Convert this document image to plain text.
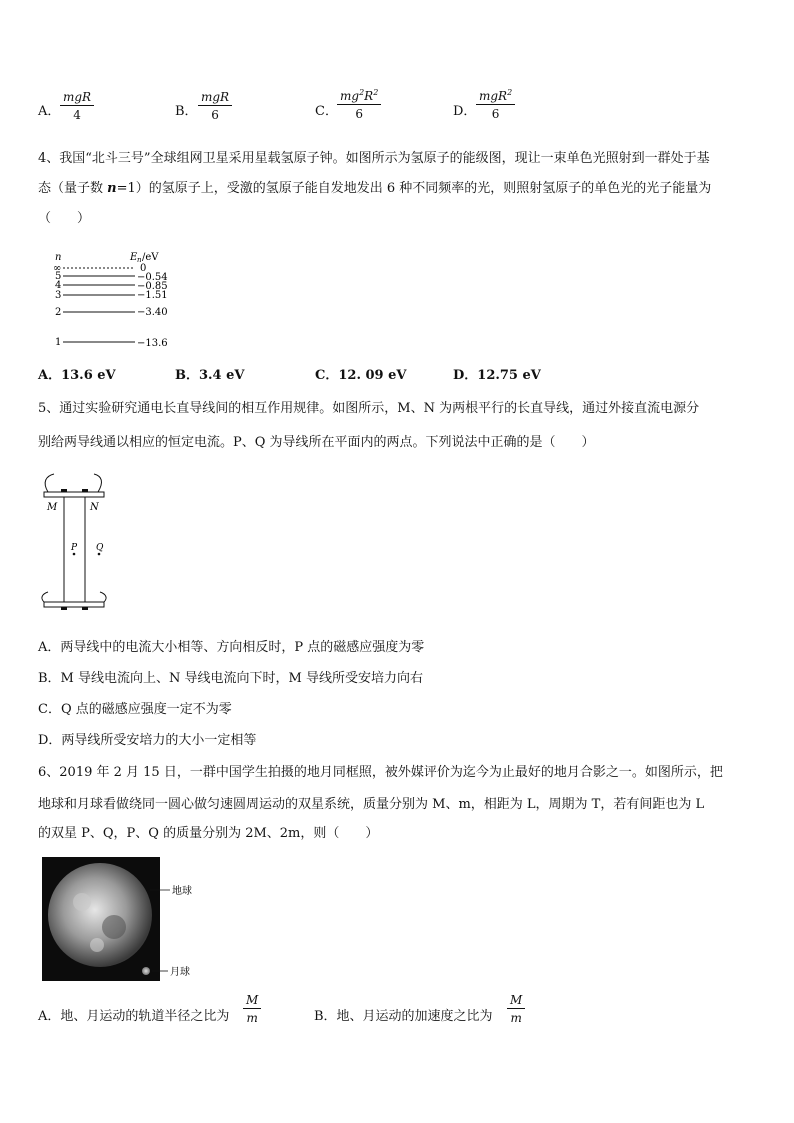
A．
mgR
4	B．
mgR
6	C． $\frac{mg^2R^2}{6}$	D．
mgR$^2$
6
4、我国“北斗三号”全球组网卫星采用星载氢原子钟。如图所示为氢原子的能级图，现让一束单色光照射到一群处于基
态（量子数 n=1）的氢原子上，受激的氢原子能自发地发出 6 种不同频率的光，则照射氢原子的单色光的光子能量为
（　　）
n	E n /eV
∞	0
5	−0.54
4	−0.85
3	−1.51
2	−3.40
1	−13.6
A．13.6 eV	B．3.4 eV	C．12. 09 eV	D．12.75 eV
5、通过实验研究通电长直导线间的相互作用规律。如图所示，M、N 为两根平行的长直导线，通过外接直流电源分
别给两导线通以相应的恒定电流。P、Q 为导线所在平面内的两点。下列说法中正确的是（　　）
M	N
P Q
A．两导线中的电流大小相等、方向相反时，P 点的磁感应强度为零
B．M 导线电流向上、N 导线电流向下时，M 导线所受安培力向右
C．Q 点的磁感应强度一定不为零
D．两导线所受安培力的大小一定相等
6、2019 年 2 月 15 日，一群中国学生拍摄的地月同框照，被外媒评价为迄今为止最好的地月合影之一。如图所示，把
地球和月球看做绕同一圆心做匀速圆周运动的双星系统，质量分别为 M、m，相距为 L，周期为 T，若有间距也为 L
的双星 P、Q，P、Q 的质量分别为 2M、2m，则（　　）
地球
月球
A．地、月运动的轨道半径之比为 $\frac{M}{m}$	B．地、月运动的加速度之比为 $\frac{M}{m}$
